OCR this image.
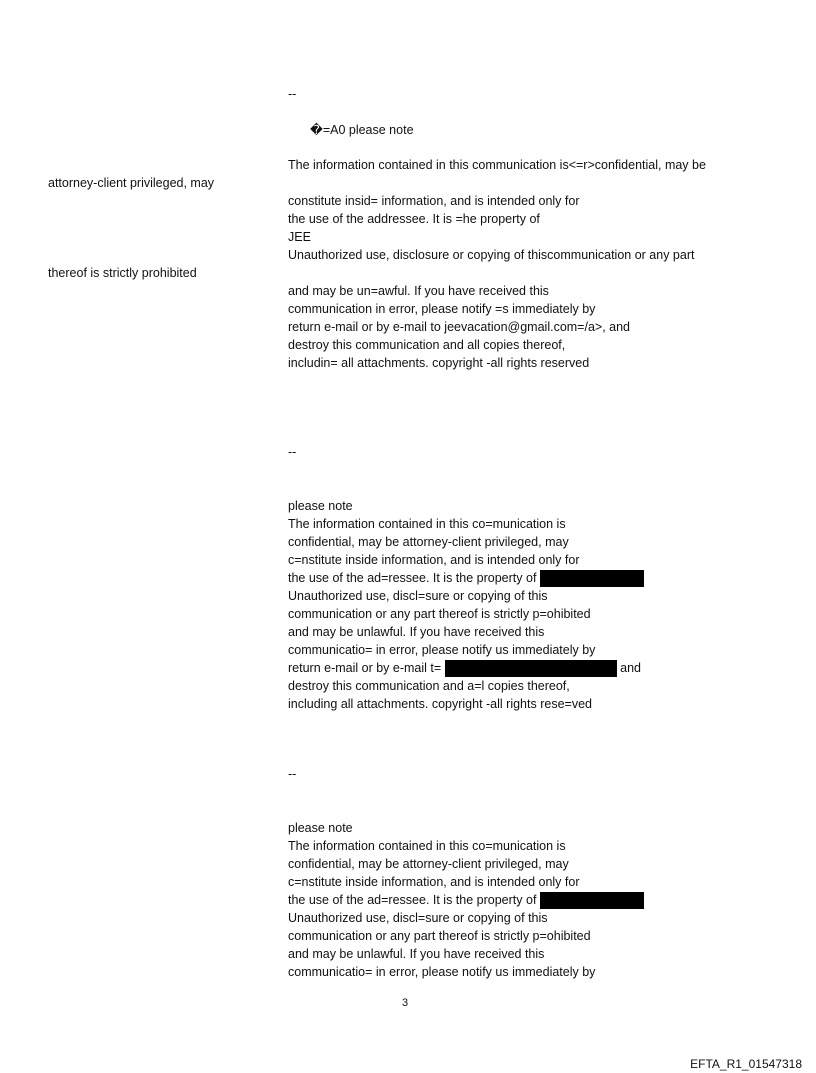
--
�=A0 please note
The information contained in this communication is<=r>confidential, may be
attorney-client privileged, may
constitute insid= information, and is intended only for
the use of the addressee. It is =he property of
JEE
Unauthorized use, disclosure or copying of thiscommunication or any part
thereof is strictly prohibited
and may be un=awful. If you have received this
communication in error, please notify =s immediately by
return e-mail or by e-mail to jeevacation@gmail.com=/a>, and
destroy this communication and all copies thereof,
includin= all attachments. copyright -all rights reserved
--
please note
The information contained in this co=munication is
confidential, may be attorney-client privileged, may
c=nstitute inside information, and is intended only for
the use of the ad=ressee. It is the property of
Unauthorized use, discl=sure or copying of this
communication or any part thereof is strictly p=ohibited
and may be unlawful. If you have received this
communicatio= in error, please notify us immediately by
return e-mail or by e-mail t=	and
destroy this communication and a=l copies thereof,
including all attachments. copyright -all rights rese=ved
--
please note
The information contained in this co=munication is
confidential, may be attorney-client privileged, may
c=nstitute inside information, and is intended only for
the use of the ad=ressee. It is the property of
Unauthorized use, discl=sure or copying of this
communication or any part thereof is strictly p=ohibited
and may be unlawful. If you have received this
communicatio= in error, please notify us immediately by
3
EFTA_R1_01547318
